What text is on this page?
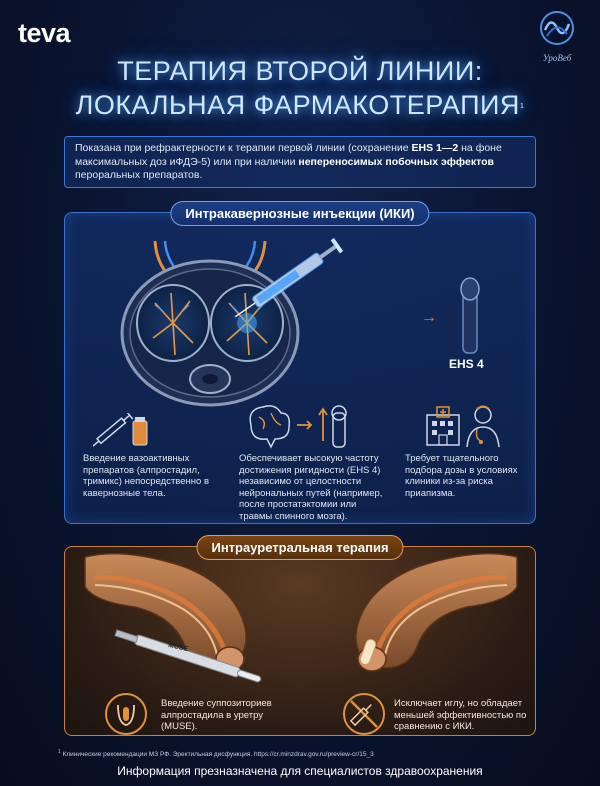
teva
УроВеб
ТЕРАПИЯ ВТОРОЙ ЛИНИИ:
ЛОКАЛЬНАЯ ФАРМАКОТЕРАПИЯ$^1$
Показана при рефрактерности к терапии первой линии (сохранение EHS 1—2 на фоне максимальных доз иФДЭ-5) или при наличии непереносимых побочных эффектов пероральных препаратов.
Интракавернозные инъекции (ИКИ)
→
EHS 4
Введение вазоактивных препаратов (алпростадил, тримикс) непосредственно в кавернозные тела.
Обеспечивает высокую частоту достижения ригидности (EHS 4) независимо от целостности нейрональных путей (например, после простатэктомии или травмы спинного мозга).
Требует тщательного подбора дозы в условиях клиники из-за риска приапизма.
Интрауретральная терапия
MUSE
Введение суппозиториев алпростадила в уретру (MUSE).
Исключает иглу, но обладает меньшей эффективностью по сравнению с ИКИ.
$^1$ Клинические рекомендации МЗ РФ. Эректильная дисфункция. https://cr.minzdrav.gov.ru/preview-cr/15_3
Информация презназначена для специалистов здравоохранения
